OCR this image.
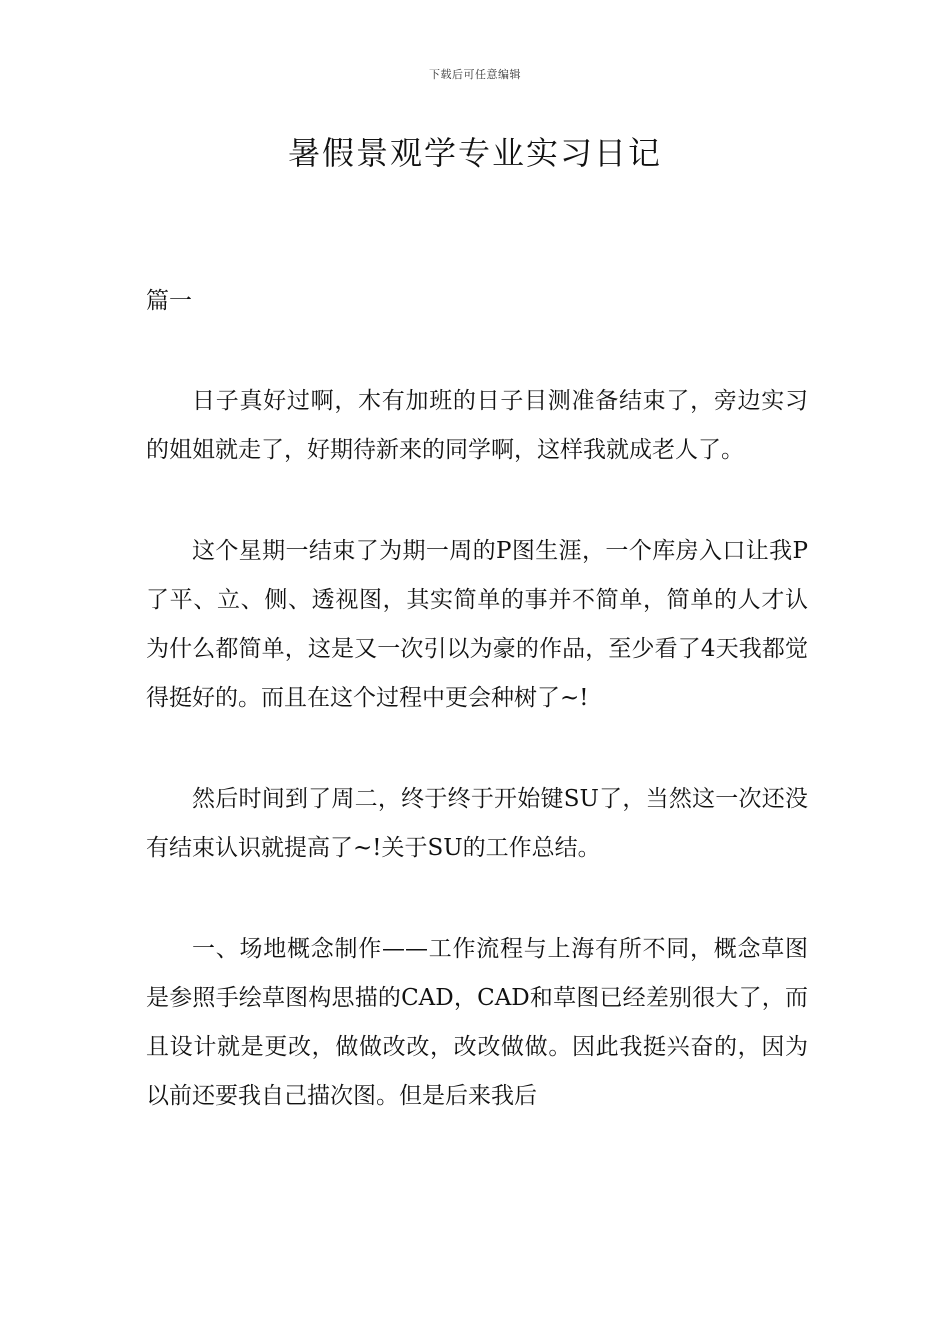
下载后可任意编辑
暑假景观学专业实习日记

篇一

日子真好过啊，木有加班的日子目测准备结束了，旁边实习的姐姐就走了，好期待新来的同学啊，这样我就成老人了。

这个星期一结束了为期一周的P图生涯，一个库房入口让我P了平、立、侧、透视图，其实简单的事并不简单，简单的人才认为什么都简单，这是又一次引以为豪的作品，至少看了4天我都觉得挺好的。而且在这个过程中更会种树了~!

然后时间到了周二，终于终于开始键SU了，当然这一次还没有结束认识就提高了~!关于SU的工作总结。

一、场地概念制作——工作流程与上海有所不同，概念草图是参照手绘草图构思描的CAD，CAD和草图已经差别很大了，而且设计就是更改，做做改改，改改做做。因此我挺兴奋的，因为以前还要我自己描次图。但是后来我后
